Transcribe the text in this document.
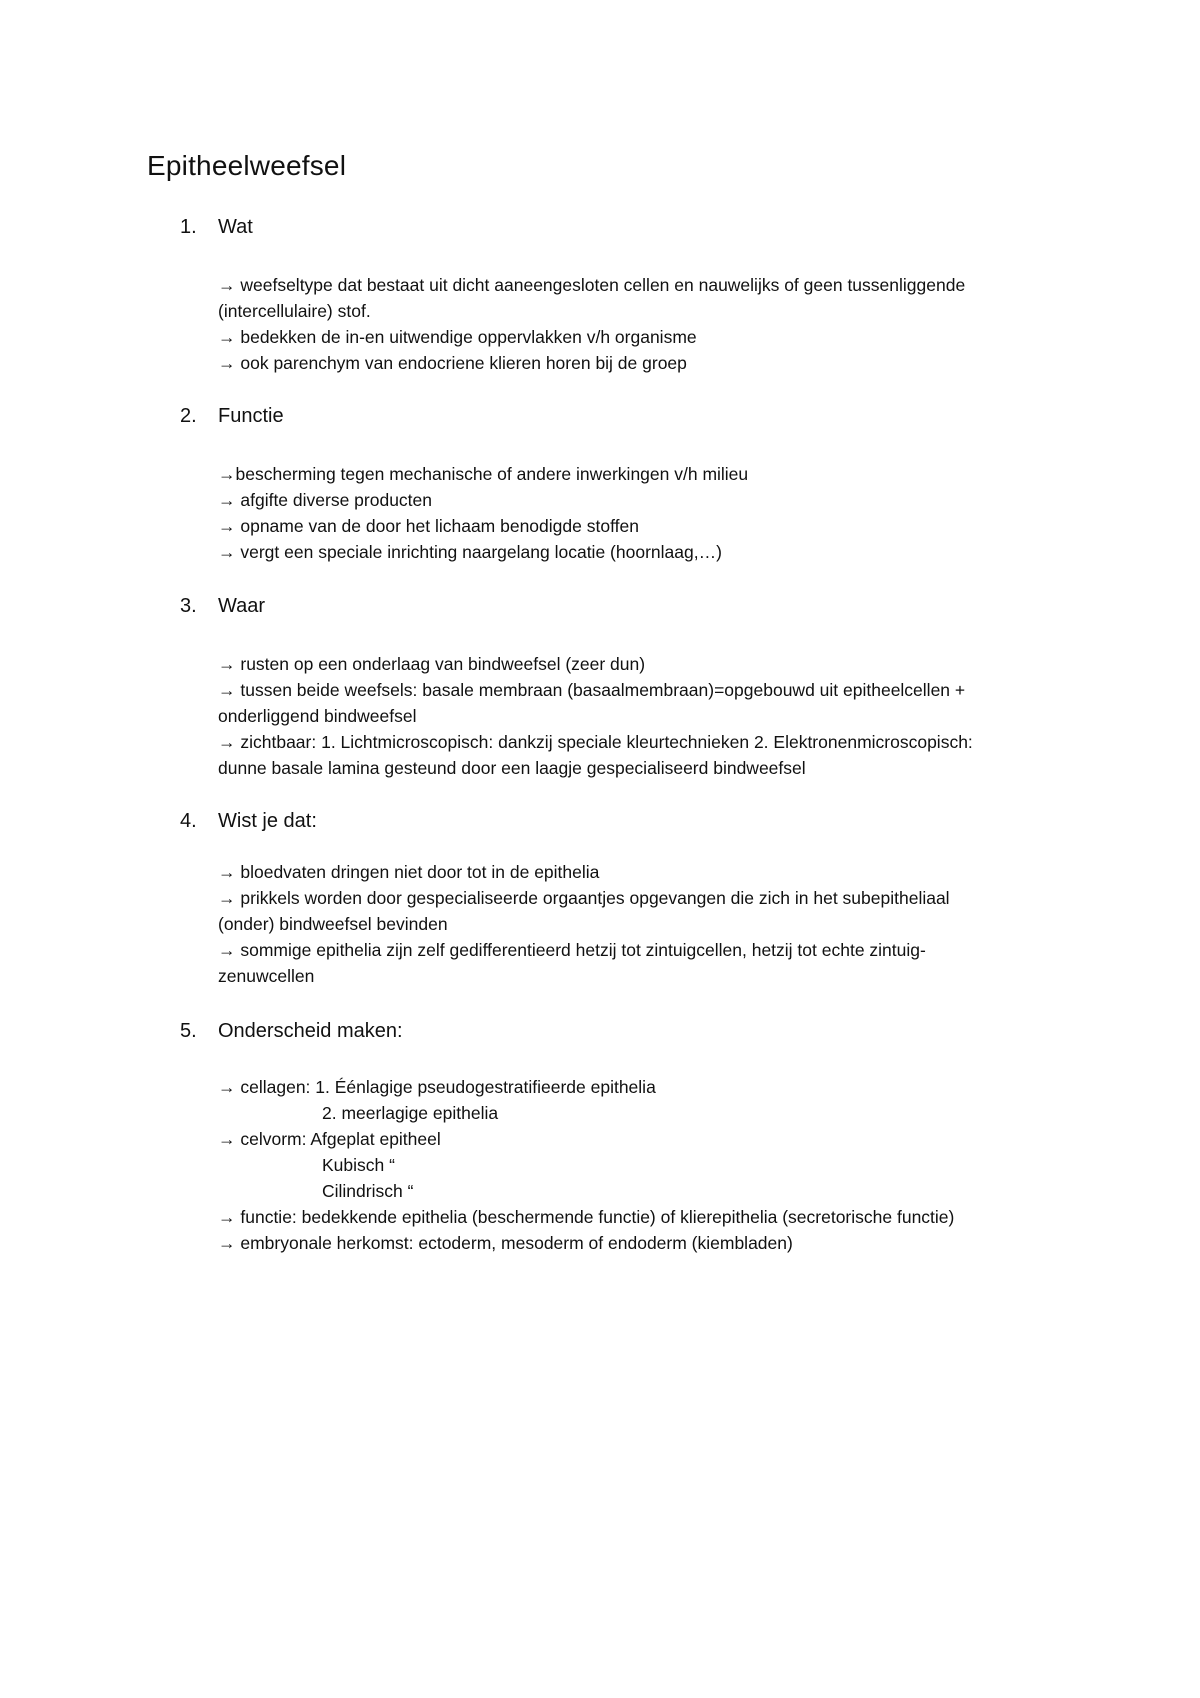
Epitheelweefsel
1. Wat
→ weefseltype dat bestaat uit dicht aaneengesloten cellen en nauwelijks of geen tussenliggende
(intercellulaire) stof.
→ bedekken de in-en uitwendige oppervlakken v/h organisme
→ ook parenchym van endocriene klieren horen bij de groep
2. Functie
→bescherming tegen mechanische of andere inwerkingen v/h milieu
→ afgifte diverse producten
→ opname van de door het lichaam benodigde stoffen
→ vergt een speciale inrichting naargelang locatie (hoornlaag,…)
3. Waar
→ rusten op een onderlaag van bindweefsel (zeer dun)
→ tussen beide weefsels: basale membraan (basaalmembraan)=opgebouwd uit epitheelcellen +
onderliggend bindweefsel
→ zichtbaar: 1. Lichtmicroscopisch: dankzij speciale kleurtechnieken 2. Elektronenmicroscopisch:
dunne basale lamina gesteund door een laagje gespecialiseerd bindweefsel
4. Wist je dat:
→ bloedvaten dringen niet door tot in de epithelia
→ prikkels worden door gespecialiseerde orgaantjes opgevangen die zich in het subepitheliaal
(onder) bindweefsel bevinden
→ sommige epithelia zijn zelf gedifferentieerd hetzij tot zintuigcellen, hetzij tot echte zintuig-
zenuwcellen
5. Onderscheid maken:
→ cellagen: 1. Éénlagige pseudogestratifieerde epithelia
2. meerlagige epithelia
→ celvorm: Afgeplat epitheel
Kubisch “
Cilindrisch “
→ functie: bedekkende epithelia (beschermende functie) of klierepithelia (secretorische functie)
→ embryonale herkomst: ectoderm, mesoderm of endoderm (kiembladen)
